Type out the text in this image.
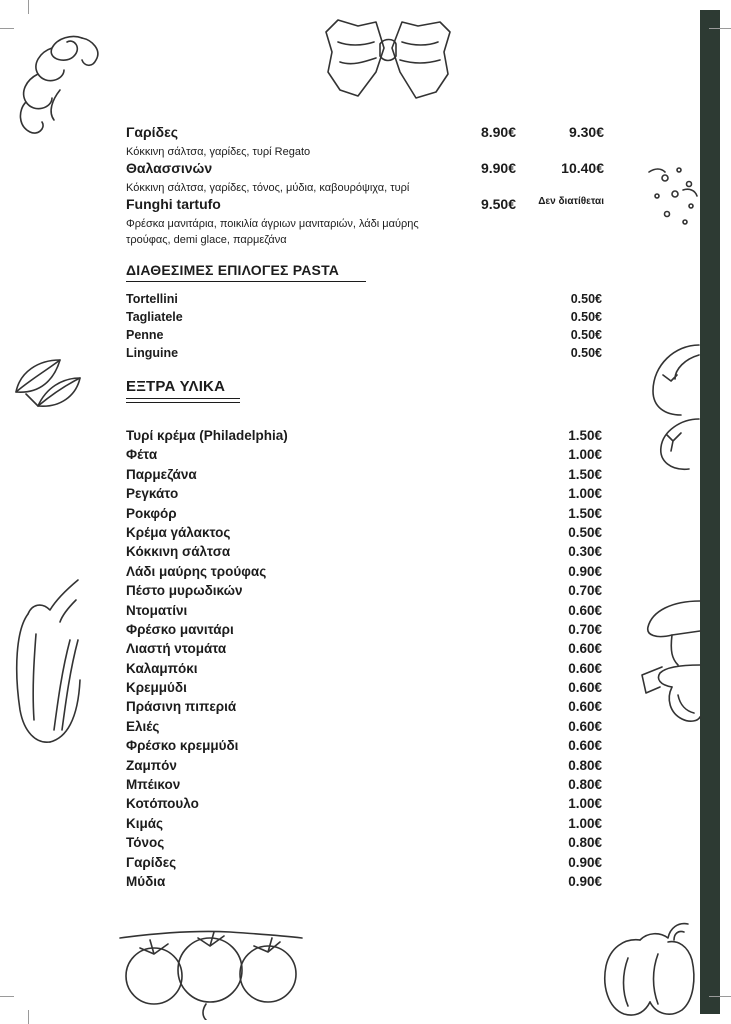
Γαρίδες	8.90€	9.30€
Κόκκινη σάλτσα, γαρίδες, τυρί Regato
Θαλασσινών	9.90€	10.40€
Κόκκινη σάλτσα, γαρίδες, τόνος, μύδια, καβουρόψιχα, τυρί
Funghi tartufo	9.50€ Δεν διατίθεται
Φρέσκα μανιτάρια, ποικιλία άγριων μανιταριών, λάδι μαύρης τρούφας, demi glace, παρμεζάνα
ΔΙΑΘΕΣΙΜΕΣ ΕΠΙΛΟΓΕΣ PASTA
Tortellini	0.50€
Tagliatele	0.50€
Penne	0.50€
Linguine	0.50€
ΕΞΤΡΑ ΥΛΙΚΑ
Τυρί κρέμα (Philadelphia)	1.50€
Φέτα	1.00€
Παρμεζάνα	1.50€
Ρεγκάτο	1.00€
Ροκφόρ	1.50€
Κρέμα γάλακτος	0.50€
Κόκκινη σάλτσα	0.30€
Λάδι μαύρης τρούφας	0.90€
Πέστο μυρωδικών	0.70€
Ντοματίνι	0.60€
Φρέσκο μανιτάρι	0.70€
Λιαστή ντομάτα	0.60€
Καλαμπόκι	0.60€
Κρεμμύδι	0.60€
Πράσινη πιπεριά	0.60€
Ελιές	0.60€
Φρέσκο κρεμμύδι	0.60€
Ζαμπόν	0.80€
Μπέικον	0.80€
Κοτόπουλο	1.00€
Κιμάς	1.00€
Τόνος	0.80€
Γαρίδες	0.90€
Μύδια	0.90€
